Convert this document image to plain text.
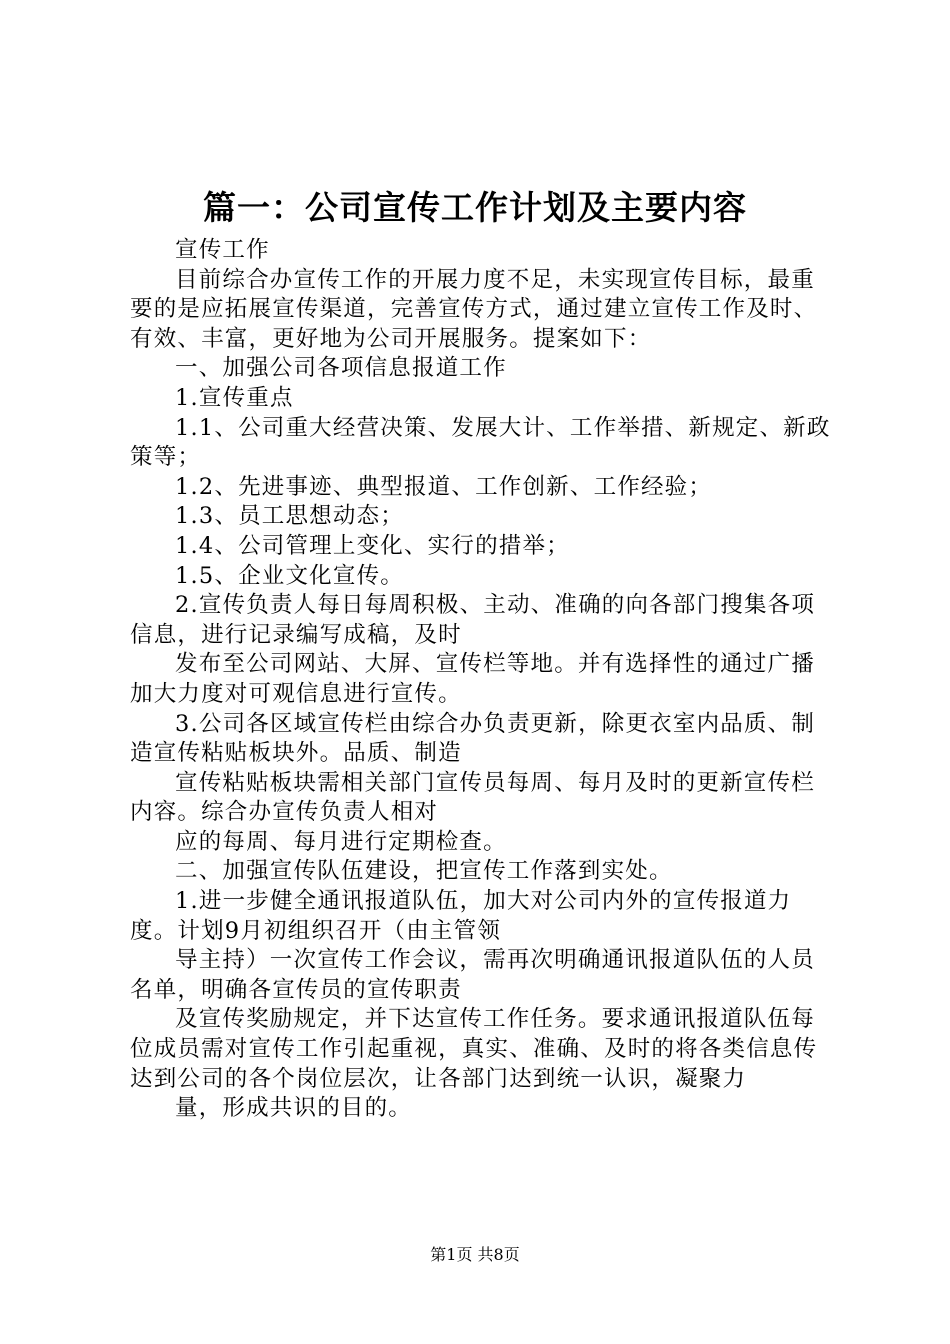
篇一：公司宣传工作计划及主要内容

宣传工作

目前综合办宣传工作的开展力度不足，未实现宣传目标，最重要的是应拓展宣传渠道，完善宣传方式，通过建立宣传工作及时、有效、丰富，更好地为公司开展服务。提案如下：

一、加强公司各项信息报道工作

1.宣传重点

1.1、公司重大经营决策、发展大计、工作举措、新规定、新政策等；

1.2、先进事迹、典型报道、工作创新、工作经验；

1.3、员工思想动态；

1.4、公司管理上变化、实行的措举；

1.5、企业文化宣传。

2.宣传负责人每日每周积极、主动、准确的向各部门搜集各项信息，进行记录编写成稿，及时

发布至公司网站、大屏、宣传栏等地。并有选择性的通过广播加大力度对可观信息进行宣传。

3.公司各区域宣传栏由综合办负责更新，除更衣室内品质、制造宣传粘贴板块外。品质、制造

宣传粘贴板块需相关部门宣传员每周、每月及时的更新宣传栏内容。综合办宣传负责人相对

应的每周、每月进行定期检查。

二、加强宣传队伍建设，把宣传工作落到实处。

1.进一步健全通讯报道队伍，加大对公司内外的宣传报道力度。计划9月初组织召开（由主管领

导主持）一次宣传工作会议，需再次明确通讯报道队伍的人员名单，明确各宣传员的宣传职责

及宣传奖励规定，并下达宣传工作任务。要求通讯报道队伍每位成员需对宣传工作引起重视，真实、准确、及时的将各类信息传达到公司的各个岗位层次，让各部门达到统一认识，凝聚力

量，形成共识的目的。

第1页 共8页
